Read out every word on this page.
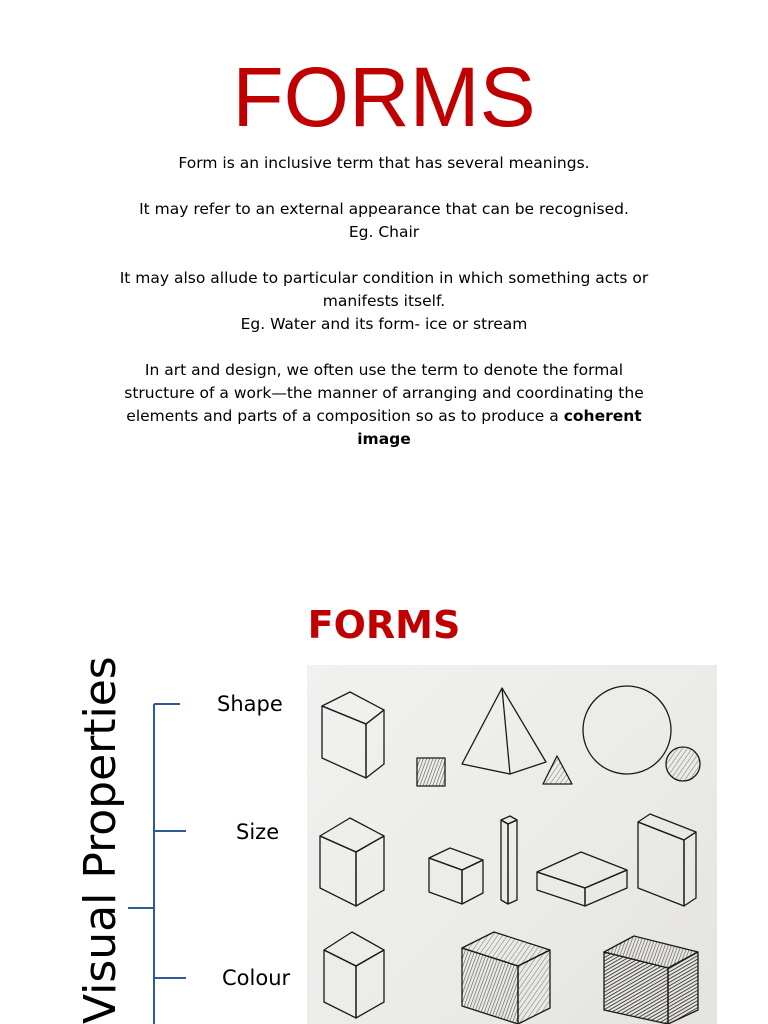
FORMS

Form is an inclusive term that has several meanings.

It may refer to an external appearance that can be recognised.
Eg. Chair

It may also allude to particular condition in which something acts or manifests itself.
Eg. Water and its form- ice or stream

In art and design, we often use the term to denote the formal structure of a work—the manner of arranging and coordinating the elements and parts of a composition so as to produce a coherent image

FORMS
Visual Properties	Shape
Size
Colour
